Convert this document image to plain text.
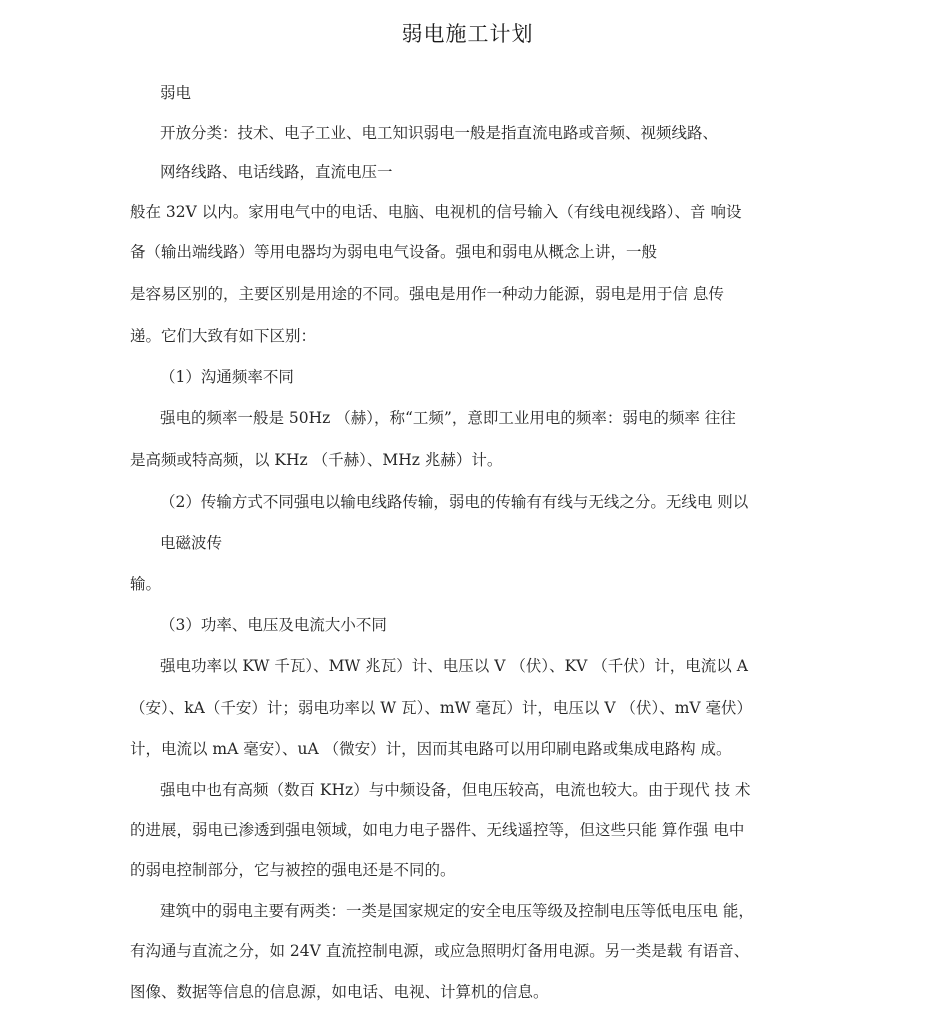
弱电施工计划
弱电
开放分类：技术、电子工业、电工知识弱电一般是指直流电路或音频、视频线路、
网络线路、电话线路，直流电压一
般在 32V 以内。家用电气中的电话、电脑、电视机的信号输入（有线电视线路）、音 响设
备（输出端线路）等用电器均为弱电电气设备。强电和弱电从概念上讲，一般
是容易区别的，主要区别是用途的不同。强电是用作一种动力能源，弱电是用于信 息传
递。它们大致有如下区别：
（1）沟通频率不同
强电的频率一般是 50Hz （赫），称“工频”，意即工业用电的频率：弱电的频率 往往
是高频或特高频，以 KHz （千赫）、MHz 兆赫）计。
（2）传输方式不同强电以输电线路传输，弱电的传输有有线与无线之分。无线电 则以
电磁波传
输。
（3）功率、电压及电流大小不同
强电功率以 KW 千瓦）、MW 兆瓦）计、电压以 V （伏）、KV （千伏）计，电流以 A
（安）、kA（千安）计；弱电功率以 W 瓦）、mW 毫瓦）计，电压以 V （伏）、mV 毫伏）
计，电流以 mA 毫安）、uA （微安）计，因而其电路可以用印刷电路或集成电路构 成。
强电中也有高频（数百 KHz）与中频设备，但电压较高，电流也较大。由于现代 技 术
的进展，弱电已渗透到强电领域，如电力电子器件、无线遥控等，但这些只能 算作强 电中
的弱电控制部分，它与被控的强电还是不同的。
建筑中的弱电主要有两类：一类是国家规定的安全电压等级及控制电压等低电压电 能，
有沟通与直流之分，如 24V 直流控制电源，或应急照明灯备用电源。另一类是载 有语音、
图像、数据等信息的信息源，如电话、电视、计算机的信息。
